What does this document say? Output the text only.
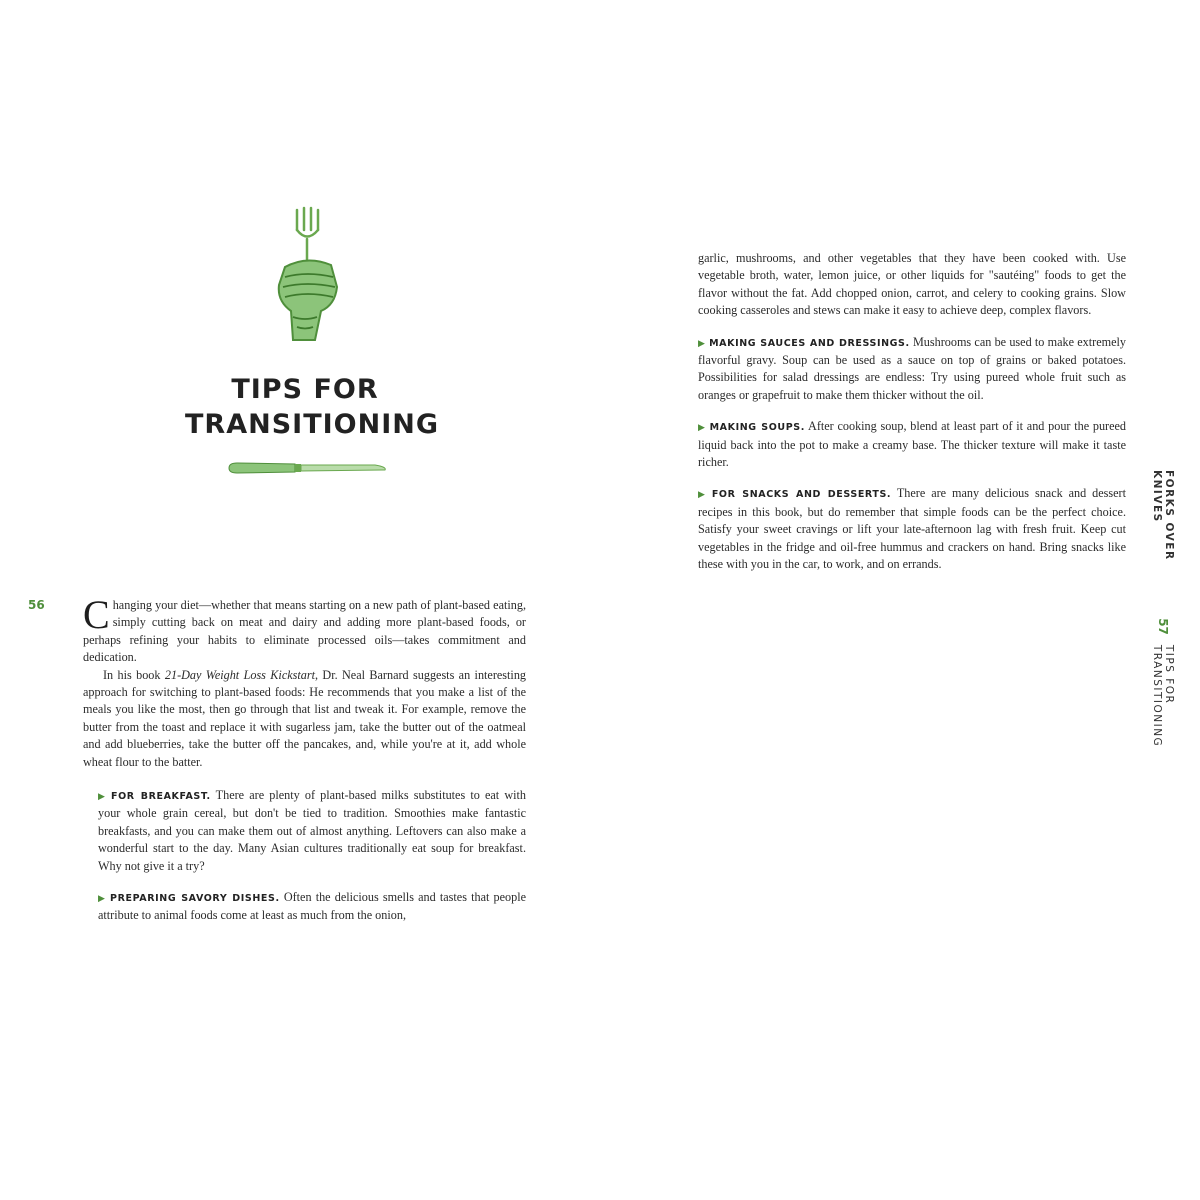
TIPS FOR
TRANSITIONING
56 Changing your diet—whether that means starting on a new path of plant-based eating, simply cutting back on meat and dairy and adding more plant-based foods, or perhaps refining your habits to eliminate processed oils—takes commitment and dedication.

In his book 21-Day Weight Loss Kickstart, Dr. Neal Barnard suggests an interesting approach for switching to plant-based foods: He recommends that you make a list of the meals you like the most, then go through that list and tweak it. For example, remove the butter from the toast and replace it with sugarless jam, take the butter out of the oatmeal and add blueberries, take the butter off the pancakes, and, while you're at it, add whole wheat flour to the batter.

▶ FOR BREAKFAST. There are plenty of plant-based milks substitutes to eat with your whole grain cereal, but don't be tied to tradition. Smoothies make fantastic breakfasts, and you can make them out of almost anything. Leftovers can also make a wonderful start to the day. Many Asian cultures traditionally eat soup for breakfast. Why not give it a try?

▶ PREPARING SAVORY DISHES. Often the delicious smells and tastes that people attribute to animal foods come at least as much from the onion,

garlic, mushrooms, and other vegetables that they have been cooked with. Use vegetable broth, water, lemon juice, or other liquids for "sautéing" foods to get the flavor without the fat. Add chopped onion, carrot, and celery to cooking grains. Slow cooking casseroles and stews can make it easy to achieve deep, complex flavors.

▶ MAKING SAUCES AND DRESSINGS. Mushrooms can be used to make extremely flavorful gravy. Soup can be used as a sauce on top of grains or baked potatoes. Possibilities for salad dressings are endless: Try using pureed whole fruit such as oranges or grapefruit to make them thicker without the oil.

▶ MAKING SOUPS. After cooking soup, blend at least part of it and pour the pureed liquid back into the pot to make a creamy base. The thicker texture will make it taste richer.

▶ FOR SNACKS AND DESSERTS. There are many delicious snack and dessert recipes in this book, but do remember that simple foods can be the perfect choice. Satisfy your sweet cravings or lift your late-afternoon lag with fresh fruit. Keep cut vegetables in the fridge and oil-free hummus and crackers on hand. Bring snacks like these with you in the car, to work, and on errands.

FORKS OVER KNIVES
57
TIPS FOR TRANSITIONING
